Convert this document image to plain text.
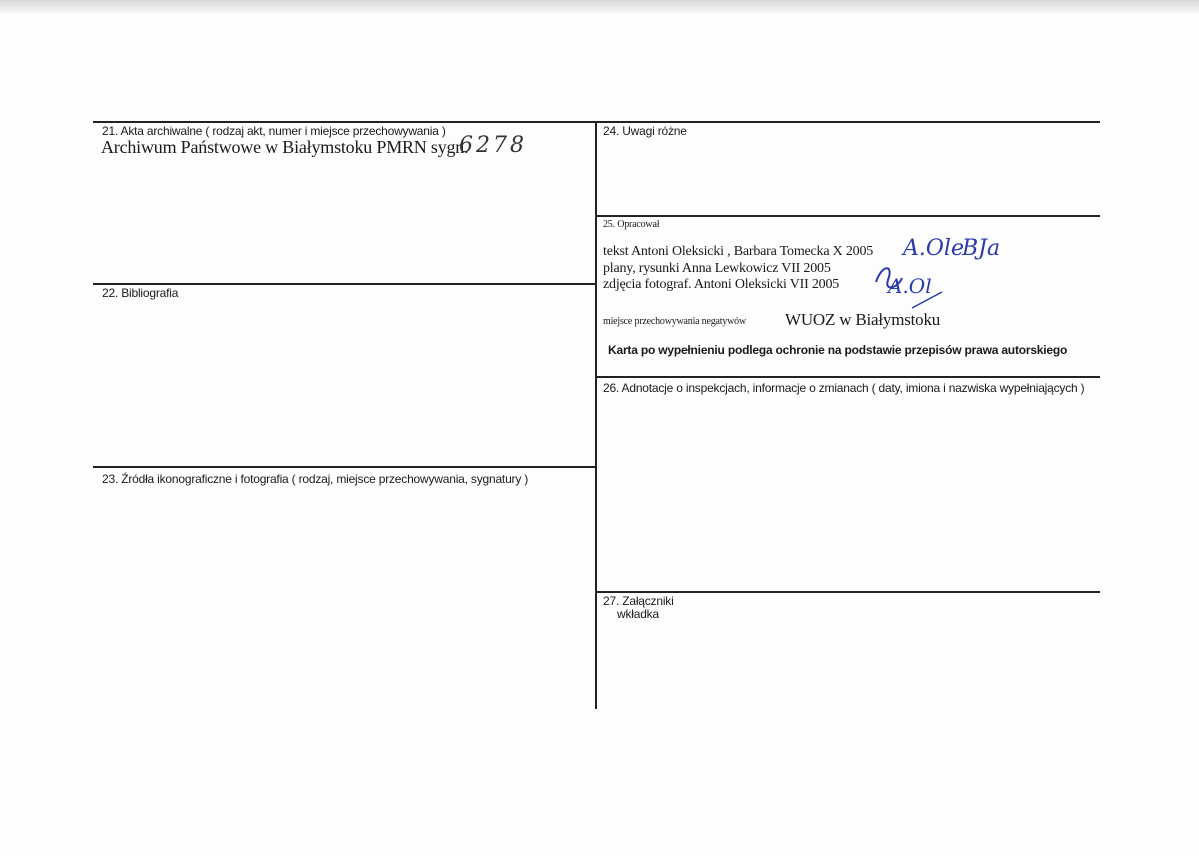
21. Akta archiwalne ( rodzaj akt, numer i miejsce przechowywania )
Archiwum Państwowe w Białymstoku PMRN sygn.
6278
22. Bibliografia
23. Źródła ikonograficzne i fotografia ( rodzaj, miejsce przechowywania, sygnatury )
24. Uwagi różne
25. Opracował
tekst Antoni Oleksicki , Barbara Tomecka X 2005
plany, rysunki Anna Lewkowicz VII 2005
zdjęcia fotograf. Antoni Oleksicki VII 2005
miejsce przechowywania negatywów WUOZ w Białymstoku
Karta po wypełnieniu podlega ochronie na podstawie przepisów prawa autorskiego
A.Ole
BJa
A.Ol
26. Adnotacje o inspekcjach, informacje o zmianach ( daty, imiona i nazwiska wypełniających )
27. Załączniki
wkładka
